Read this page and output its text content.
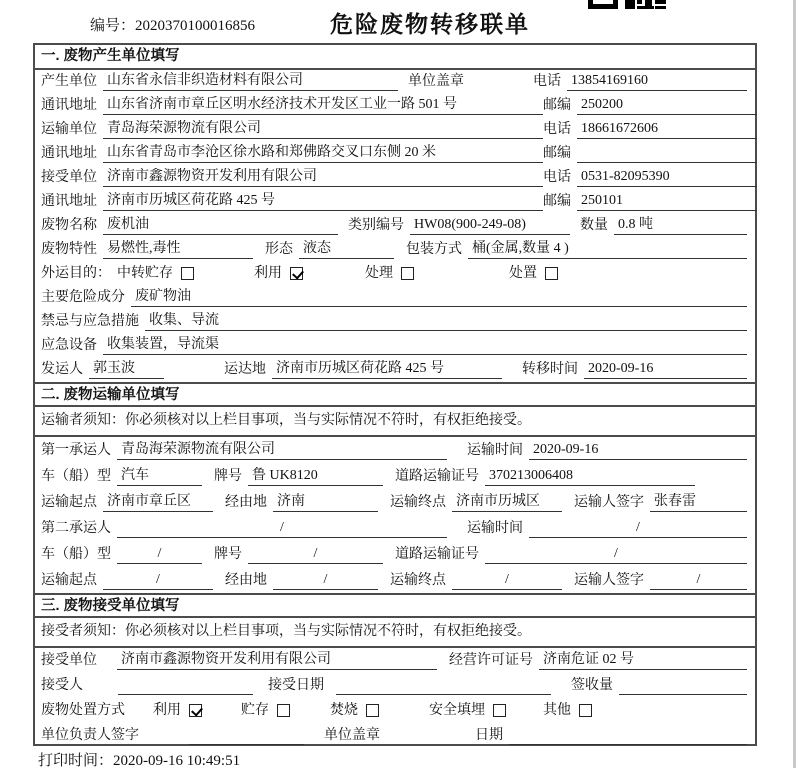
编号：2020370100016856	危险废物转移联单
一. 废物产生单位填写
产生单位 山东省永信非织造材料有限公司	单位盖章	电话 13854169160
通讯地址 山东省济南市章丘区明水经济技术开发区工业一路 501 号	邮编 250200
运输单位 青岛海荣源物流有限公司	电话 18661672606
通讯地址 山东省青岛市李沧区徐水路和郑佛路交叉口东侧 20 米	邮编
接受单位 济南市鑫源物资开发利用有限公司	电话 0531-82095390
通讯地址 济南市历城区荷花路 425 号	邮编 250101
废物名称 废机油	类别编号 HW08(900-249-08)	数量 0.8 吨
废物特性 易燃性,毒性	形态 液态	包装方式 桶(金属,数量 4 )
外运目的： 中转贮存	利用	处理	处置
主要危险成分 废矿物油
禁忌与应急措施 收集、导流
应急设备 收集装置，导流渠
发运人 郭玉波	运达地 济南市历城区荷花路 425 号	转移时间 2020-09-16
二. 废物运输单位填写
运输者须知：你必须核对以上栏目事项，当与实际情况不符时，有权拒绝接受。
第一承运人 青岛海荣源物流有限公司	运输时间 2020-09-16
车（船）型 汽车	牌号 鲁 UK8120	道路运输证号 370213006408
运输起点 济南市章丘区	经由地 济南	运输终点 济南市历城区	运输人签字 张春雷
第二承运人	/	运输时间	/
车（船）型	/	牌号	/	道路运输证号	/
运输起点	/	经由地	/	运输终点	/	运输人签字	/
三. 废物接受单位填写
接受者须知：你必须核对以上栏目事项，当与实际情况不符时，有权拒绝接受。
接受单位 济南市鑫源物资开发利用有限公司	经营许可证号 济南危证 02 号
接受人	接受日期	签收量
废物处置方式 利用	贮存	焚烧	安全填埋	其他
单位负责人签字	单位盖章	日期
打印时间：2020-09-16 10:49:51
